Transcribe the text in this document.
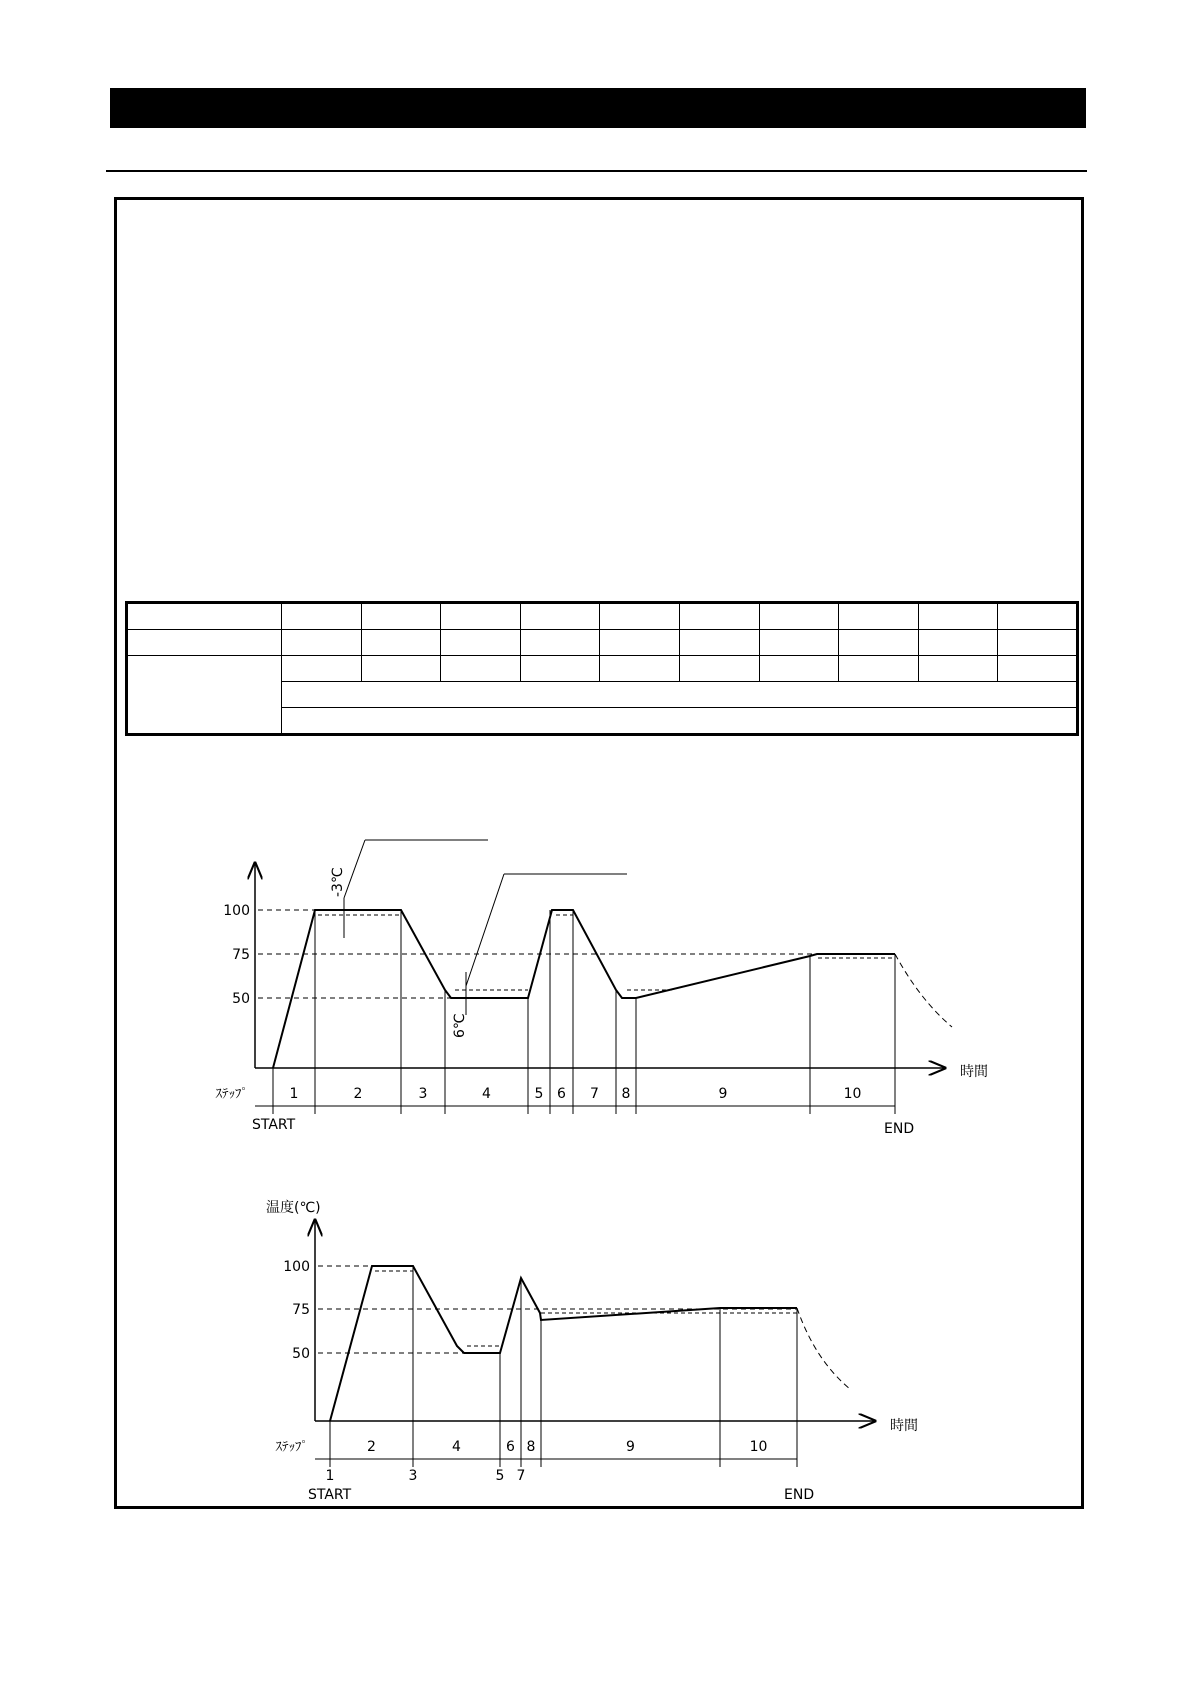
100
75
50
-3℃
6℃
1	2	3	4	5 6 7 8	9	10
ｽﾃｯﾌﾟ
時間
START	END
温度(℃)
100
75
50
2	4	6 8	9	10
1	3	5 7
ｽﾃｯﾌﾟ
時間
START	END
